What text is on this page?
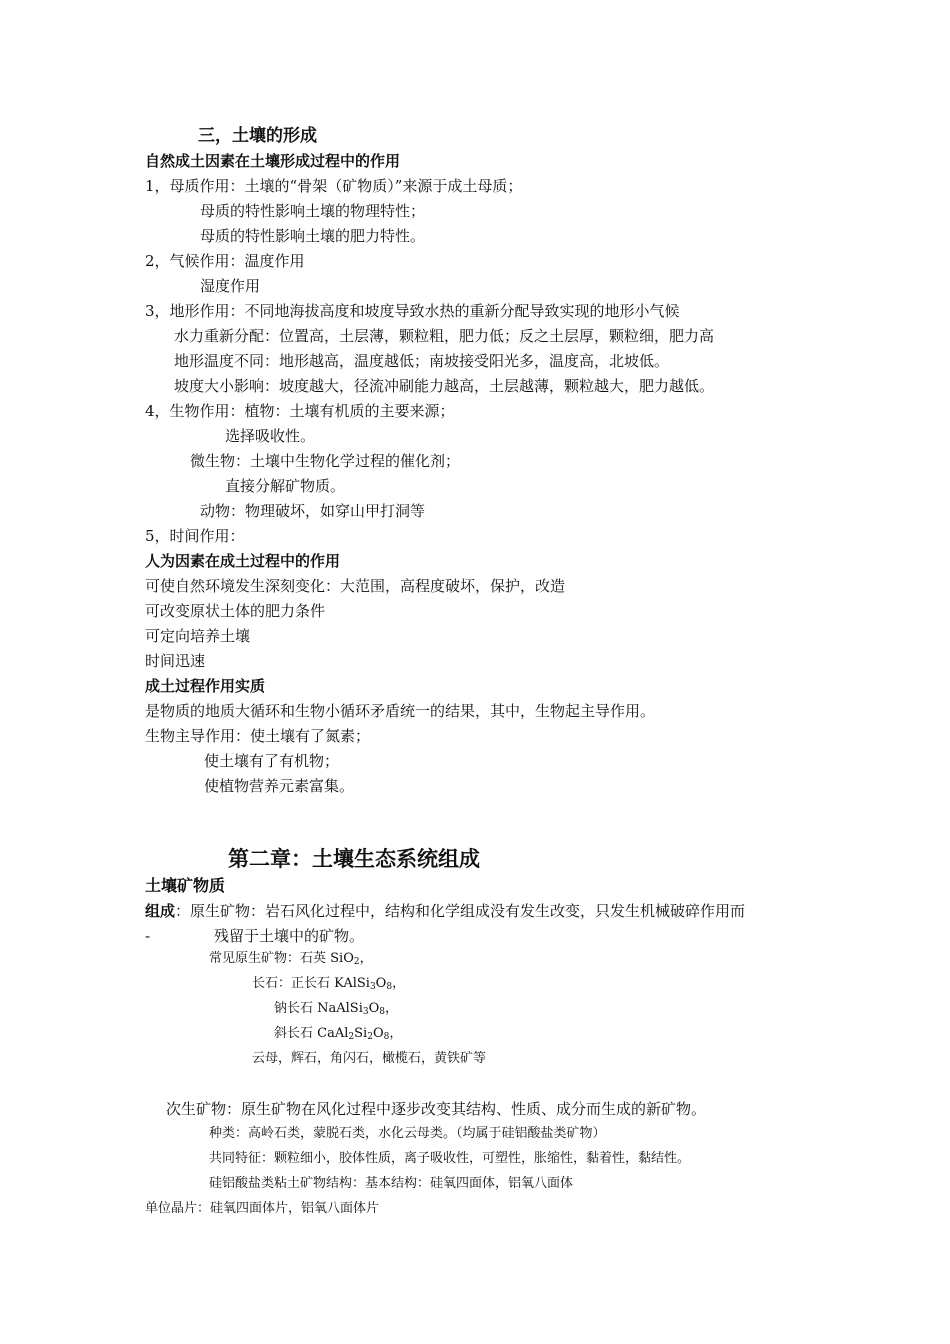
三，土壤的形成
自然成土因素在土壤形成过程中的作用
1，母质作用：土壤的“骨架（矿物质）”来源于成土母质；
母质的特性影响土壤的物理特性；
母质的特性影响土壤的肥力特性。
2，气候作用：温度作用
湿度作用
3，地形作用：不同地海拔高度和坡度导致水热的重新分配导致实现的地形小气候
水力重新分配：位置高，土层薄，颗粒粗，肥力低；反之土层厚，颗粒细，肥力高
地形温度不同：地形越高，温度越低；南坡接受阳光多，温度高，北坡低。
坡度大小影响：坡度越大，径流冲刷能力越高，土层越薄，颗粒越大，肥力越低。
4，生物作用：植物：土壤有机质的主要来源；
选择吸收性。
微生物：土壤中生物化学过程的催化剂；
直接分解矿物质。
动物：物理破坏，如穿山甲打洞等
5，时间作用：
人为因素在成土过程中的作用
可使自然环境发生深刻变化：大范围，高程度破坏，保护，改造
可改变原状土体的肥力条件
可定向培养土壤
时间迅速
成土过程作用实质
是物质的地质大循环和生物小循环矛盾统一的结果，其中，生物起主导作用。
生物主导作用：使土壤有了氮素；
使土壤有了有机物；
使植物营养元素富集。
第二章：土壤生态系统组成
土壤矿物质
组成：原生矿物：岩石风化过程中，结构和化学组成没有发生改变，只发生机械破碎作用而
-	残留于土壤中的矿物。
常见原生矿物：石英 SiO$_2$，
长石：正长石 $KAlSi_3O_8$，
钠长石 $NaAlSi_3O_8$，
斜长石 $CaAl_2Si_2O_8$，
云母，辉石，角闪石，橄榄石，黄铁矿等
次生矿物：原生矿物在风化过程中逐步改变其结构、性质、成分而生成的新矿物。
种类：高岭石类，蒙脱石类，水化云母类。（均属于硅铝酸盐类矿物）
共同特征：颗粒细小，胶体性质，离子吸收性，可塑性，胀缩性，黏着性，黏结性。
硅铝酸盐类粘土矿物结构：基本结构：硅氧四面体，铝氧八面体
单位晶片：硅氧四面体片，铝氧八面体片
